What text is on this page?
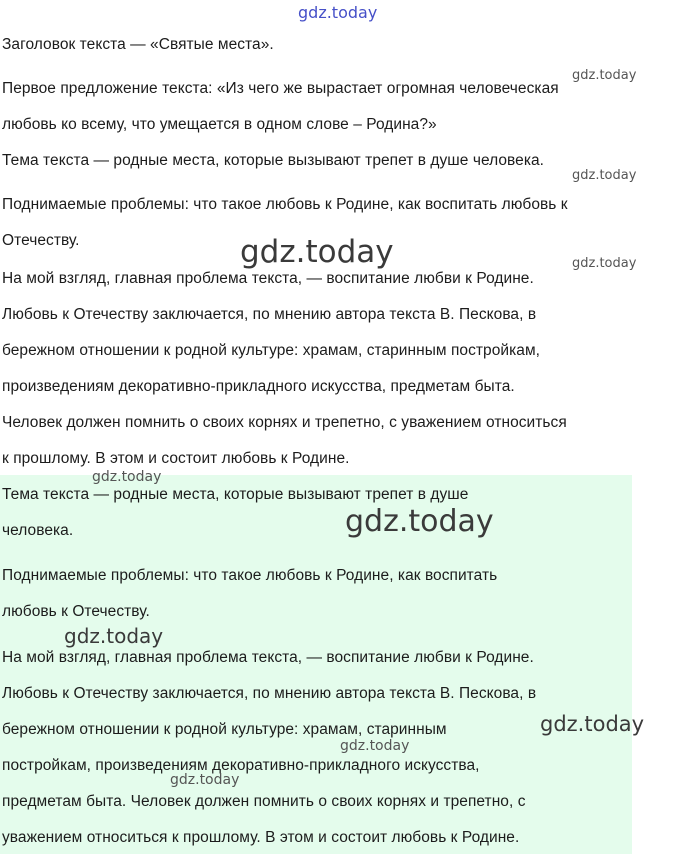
Заголовок текста — «Святые места».

Первое предложение текста: «Из чего же вырастает огромная человеческая

любовь ко всему, что умещается в одном слове – Родина?»

Тема текста — родные места, которые вызывают трепет в душе человека.

Поднимаемые проблемы: что такое любовь к Родине, как воспитать любовь к

Отечеству.

На мой взгляд, главная проблема текста, — воспитание любви к Родине.

Любовь к Отечеству заключается, по мнению автора текста В. Пескова, в

бережном отношении к родной культуре: храмам, старинным постройкам,

произведениям декоративно-прикладного искусства, предметам быта.

Человек должен помнить о своих корнях и трепетно, с уважением относиться

к прошлому. В этом и состоит любовь к Родине.

Тема текста — родные места, которые вызывают трепет в душе

человека.

Поднимаемые проблемы: что такое любовь к Родине, как воспитать

любовь к Отечеству.

На мой взгляд, главная проблема текста, — воспитание любви к Родине.

Любовь к Отечеству заключается, по мнению автора текста В. Пескова, в

бережном отношении к родной культуре: храмам, старинным

постройкам, произведениям декоративно-прикладного искусства,

предметам быта. Человек должен помнить о своих корнях и трепетно, с

уважением относиться к прошлому. В этом и состоит любовь к Родине.

gdz.today
gdz.today
gdz.today
gdz.today	gdz.today
gdz.today
gdz.today
gdz.today
gdz.today
gdz.today
gdz.today
